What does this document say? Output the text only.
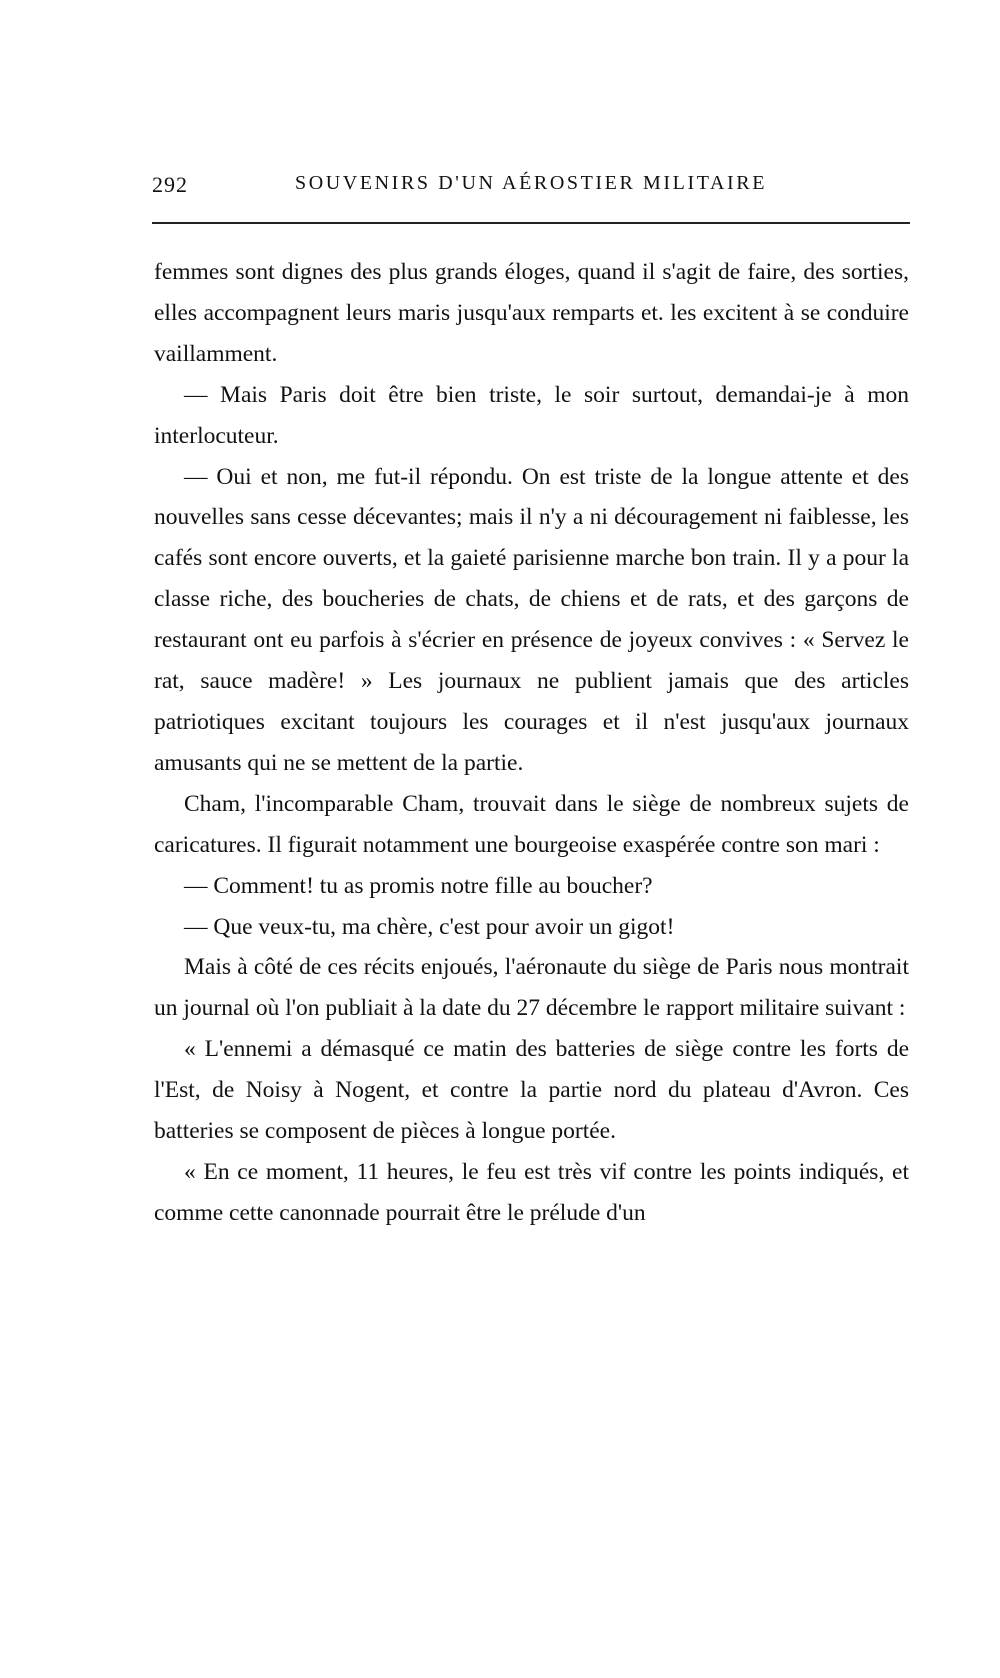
292	SOUVENIRS D'UN AÉROSTIER MILITAIRE

femmes sont dignes des plus grands éloges, quand il s'agit de faire, des sorties, elles accompagnent leurs maris jusqu'aux remparts et. les excitent à se conduire vaillamment.

— Mais Paris doit être bien triste, le soir surtout, demandai-je à mon interlocuteur.

— Oui et non, me fut-il répondu. On est triste de la longue attente et des nouvelles sans cesse décevantes; mais il n'y a ni découragement ni faiblesse, les cafés sont encore ouverts, et la gaieté parisienne marche bon train. Il y a pour la classe riche, des boucheries de chats, de chiens et de rats, et des garçons de restaurant ont eu parfois à s'écrier en présence de joyeux convives : « Servez le rat, sauce madère! » Les journaux ne publient jamais que des articles patriotiques excitant toujours les courages et il n'est jusqu'aux journaux amusants qui ne se mettent de la partie.

Cham, l'incomparable Cham, trouvait dans le siège de nombreux sujets de caricatures. Il figurait notamment une bourgeoise exaspérée contre son mari :

— Comment! tu as promis notre fille au boucher?

— Que veux-tu, ma chère, c'est pour avoir un gigot!

Mais à côté de ces récits enjoués, l'aéronaute du siège de Paris nous montrait un journal où l'on publiait à la date du 27 décembre le rapport militaire suivant :

« L'ennemi a démasqué ce matin des batteries de siège contre les forts de l'Est, de Noisy à Nogent, et contre la partie nord du plateau d'Avron. Ces batteries se composent de pièces à longue portée.

« En ce moment, 11 heures, le feu est très vif contre les points indiqués, et comme cette canonnade pourrait être le prélude d'un
